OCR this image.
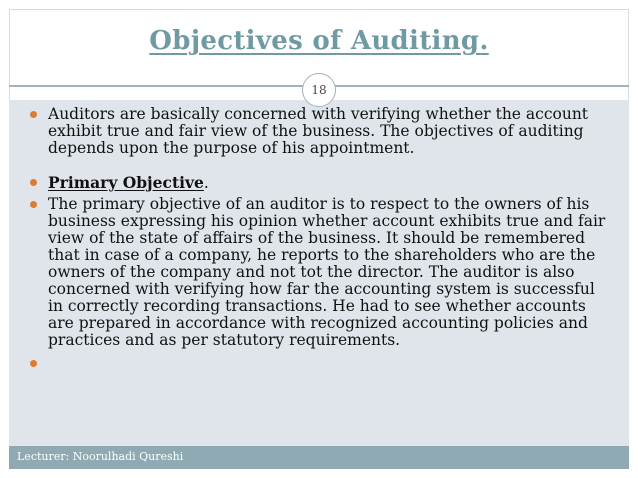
Objectives of Auditing.
18
Auditors are basically concerned with verifying whether the account exhibit true and fair view of the business. The objectives of auditing depends upon the purpose of his appointment.
Primary Objective.
The primary objective of an auditor is to respect to the owners of his business expressing his opinion whether account exhibits true and fair view of the state of affairs of the business. It should be remembered that in case of a company, he reports to the shareholders who are the owners of the company and not tot the director. The auditor is also concerned with verifying how far the accounting system is successful in correctly recording transactions. He had to see whether accounts are prepared in accordance with recognized accounting policies and practices and as per statutory requirements.

Lecturer: Noorulhadi Qureshi
